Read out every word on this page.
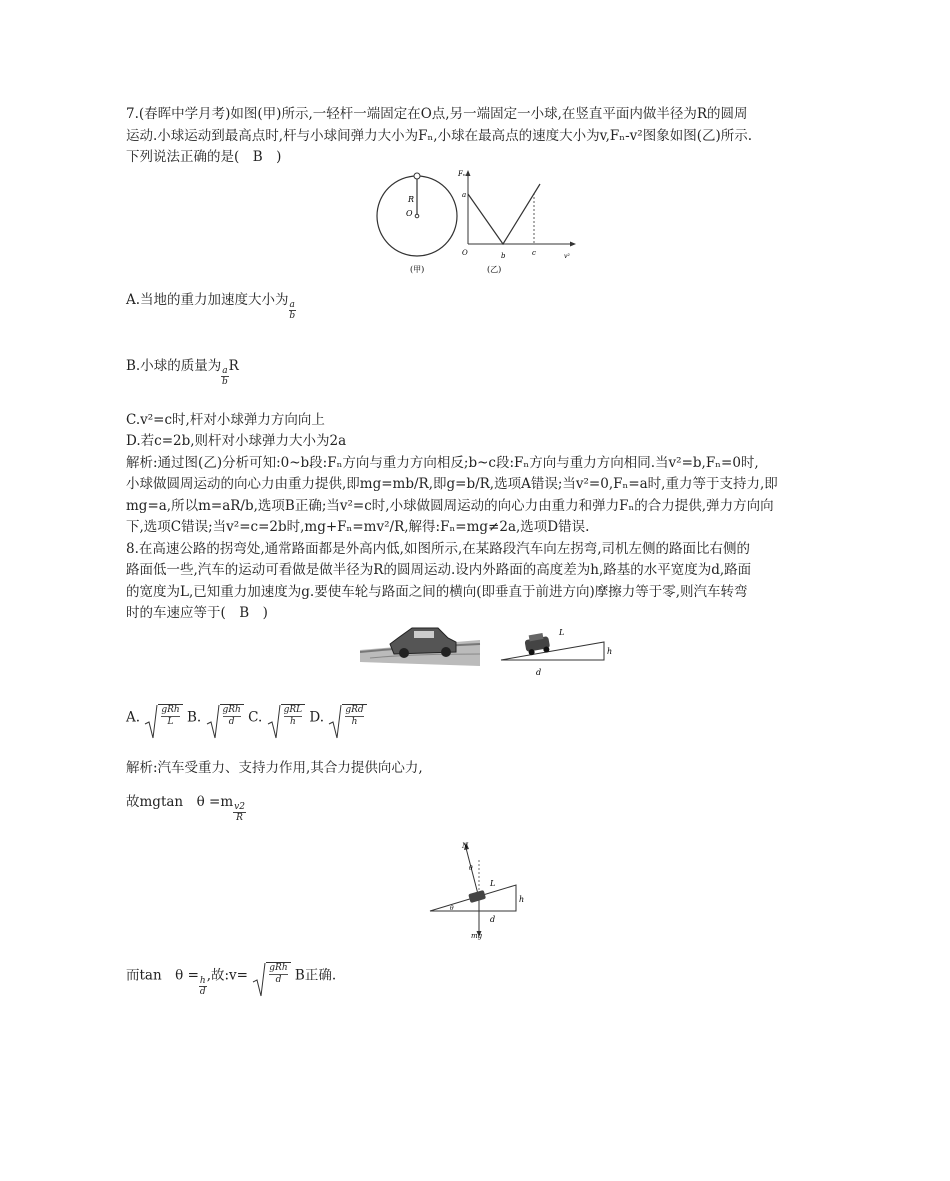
7.(春晖中学月考)如图(甲)所示,一轻杆一端固定在O点,另一端固定一小球,在竖直平面内做半径为R的圆周
运动.小球运动到最高点时,杆与小球间弹力大小为Fₙ,小球在最高点的速度大小为v,Fₙ-v²图象如图(乙)所示.
下列说法正确的是( B )
R
O
(甲)
Fₙ
a
O	b	c	v²
(乙)
A.当地的重力加速度大小为 $\frac{a}{b}$
B.小球的质量为 $\frac{a}{b}$ R
C.v²=c时,杆对小球弹力方向向上
D.若c=2b,则杆对小球弹力大小为2a
解析:通过图(乙)分析可知:0~b段:Fₙ方向与重力方向相反;b~c段:Fₙ方向与重力方向相同.当v²=b,Fₙ=0时,
小球做圆周运动的向心力由重力提供,即mg=mb/R,即g=b/R,选项A错误;当v²=0,Fₙ=a时,重力等于支持力,即
mg=a,所以m=aR/b,选项B正确;当v²=c时,小球做圆周运动的向心力由重力和弹力Fₙ的合力提供,弹力方向向
下,选项C错误;当v²=c=2b时,mg+Fₙ=mv²/R,解得:Fₙ=mg≠2a,选项D错误.
8.在高速公路的拐弯处,通常路面都是外高内低,如图所示,在某路段汽车向左拐弯,司机左侧的路面比右侧的
路面低一些,汽车的运动可看做是做半径为R的圆周运动.设内外路面的高度差为h,路基的水平宽度为d,路面
的宽度为L,已知重力加速度为g.要使车轮与路面之间的横向(即垂直于前进方向)摩擦力等于零,则汽车转弯
时的车速应等于( B )
L
h
d
A. gRh
L B. gRh
d	C. gRL
h	D. gRd
h
解析:汽车受重力、支持力作用,其合力提供向心力,
故mgtan $\theta =m \frac{v2}{R}$
N
θ
θ
L
h
d
mg
而tan $\theta = \frac{h}{d}$ ,故:v= gRh
d	B正确.
